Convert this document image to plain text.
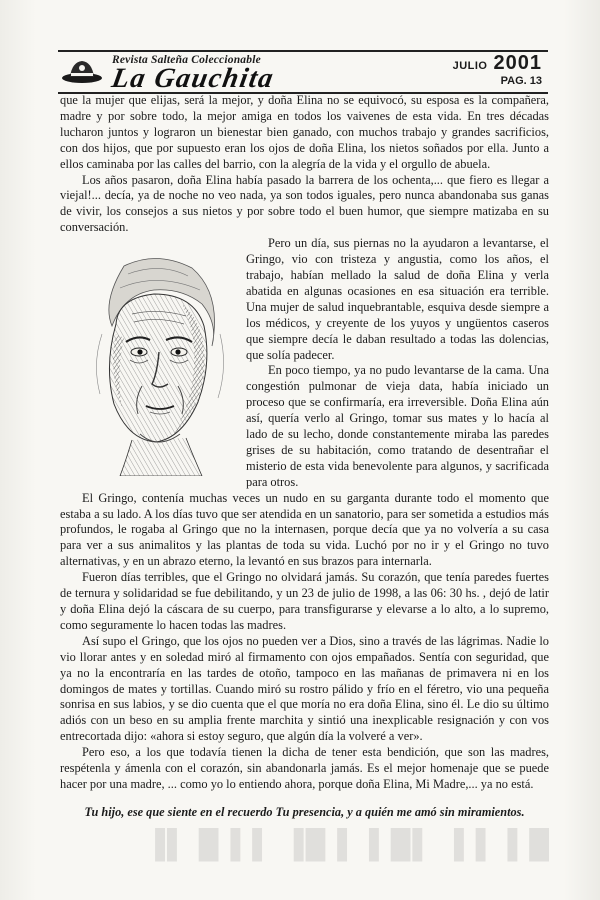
Revista Salteña Coleccionable
La Gauchita	JULIO 2001
PAG. 13

que la mujer que elijas, será la mejor, y doña Elina no se equivocó, su esposa es la compañera, madre y por sobre todo, la mejor amiga en todos los vaivenes de esta vida. En tres décadas lucharon juntos y lograron un bienestar bien ganado, con muchos trabajo y grandes sacrificios, con dos hijos, que por supuesto eran los ojos de doña Elina, los nietos soñados por ella. Junto a ellos caminaba por las calles del barrio, con la alegría de la vida y el orgullo de abuela.

Los años pasaron, doña Elina había pasado la barrera de los ochenta,... que fiero es llegar a viejal!... decía, ya de noche no veo nada, ya son todos iguales, pero nunca abandonaba sus ganas de vivir, los consejos a sus nietos y por sobre todo el buen humor, que siempre matizaba en su conversación.

Pero un día, sus piernas no la ayudaron a levantarse, el Gringo, vio con tristeza y angustia, como los años, el trabajo, habían mellado la salud de doña Elina y verla abatida en algunas ocasiones en esa situación era terrible. Una mujer de salud inquebrantable, esquiva desde siempre a los médicos, y creyente de los yuyos y ungüentos caseros que siempre decía le daban resultado a todas las dolencias, que solía padecer.

En poco tiempo, ya no pudo levantarse de la cama. Una congestión pulmonar de vieja data, había iniciado un proceso que se confirmaría, era irreversible. Doña Elina aún así, quería verlo al Gringo, tomar sus mates y lo hacía al lado de su lecho, donde constantemente miraba las paredes grises de su habitación, como tratando de desentrañar el misterio de esta vida benevolente para algunos, y sacrificada para otros.

El Gringo, contenía muchas veces un nudo en su garganta durante todo el momento que estaba a su lado. A los días tuvo que ser atendida en un sanatorio, para ser sometida a estudios más profundos, le rogaba al Gringo que no la internasen, porque decía que ya no volvería a su casa para ver a sus animalitos y las plantas de toda su vida. Luchó por no ir y el Gringo no tuvo alternativas, y en un abrazo eterno, la levantó en sus brazos para internarla.

Fueron días terribles, que el Gringo no olvidará jamás. Su corazón, que tenía paredes fuertes de ternura y solidaridad se fue debilitando, y un 23 de julio de 1998, a las 06: 30 hs. , dejó de latir y doña Elina dejó la cáscara de su cuerpo, para transfigurarse y elevarse a lo alto, a lo supremo, como seguramente lo hacen todas las madres.

Así supo el Gringo, que los ojos no pueden ver a Dios, sino a través de las lágrimas. Nadie lo vio llorar antes y en soledad miró al firmamento con ojos empañados. Sentía con seguridad, que ya no la encontraría en las tardes de otoño, tampoco en las mañanas de primavera ni en los domingos de mates y tortillas. Cuando miró su rostro pálido y frío en el féretro, vio una pequeña sonrisa en sus labios, y se dio cuenta que el que moría no era doña Elina, sino él. Le dio su último adiós con un beso en su amplia frente marchita y sintió una inexplicable resignación y con vos entrecortada dijo: «ahora si estoy seguro, que algún día la volveré a ver».

Pero eso, a los que todavía tienen la dicha de tener esta bendición, que son las madres, respétenla y ámenla con el corazón, sin abandonarla jamás. Es el mejor homenaje que se puede hacer por una madre, ... como yo lo entiendo ahora, porque doña Elina, Mi Madre,... ya no está.

Tu hijo, ese que siente en el recuerdo Tu presencia, y a quién me amó sin miramientos.
█ ▌▐ ▌ ▐█ ▌▐ █▌ ▐ ▌█ ▐▌
